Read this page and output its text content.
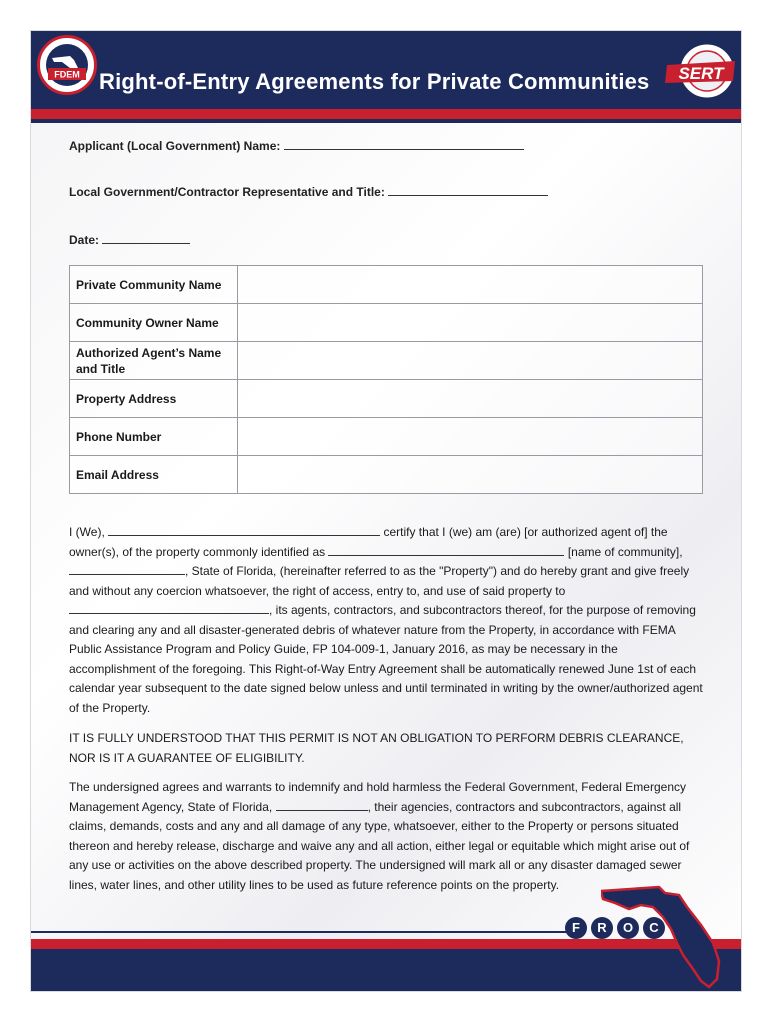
FDEM Right-of-Entry Agreements for Private Communities SERT
Applicant (Local Government) Name:
Local Government/Contractor Representative and Title:
Date:
Private Community Name	
Community Owner Name	
Authorized Agent’s Name and Title	
Property Address	
Phone Number	
Email Address	
I (We),	certify that I (we) am (are) [or authorized agent of] the owner(s), of the property commonly identified as	[name of community], , State of Florida, (hereinafter referred to as the "Property") and do hereby grant and give freely and without any coercion whatsoever, the right of access, entry to, and use of said property to , its agents, contractors, and subcontractors thereof, for the purpose of removing and clearing any and all disaster-generated debris of whatever nature from the Property, in accordance with FEMA Public Assistance Program and Policy Guide, FP 104-009-1, January 2016, as may be necessary in the accomplishment of the foregoing. This Right-of-Way Entry Agreement shall be automatically renewed June 1st of each calendar year subsequent to the date signed below unless and until terminated in writing by the owner/authorized agent of the Property.
IT IS FULLY UNDERSTOOD THAT THIS PERMIT IS NOT AN OBLIGATION TO PERFORM DEBRIS CLEARANCE, NOR IS IT A GUARANTEE OF ELIGIBILITY.
The undersigned agrees and warrants to indemnify and hold harmless the Federal Government, Federal Emergency Management Agency, State of Florida,	, their agencies, contractors and subcontractors, against all claims, demands, costs and any and all damage of any type, whatsoever, either to the Property or persons situated thereon and hereby release, discharge and waive any and all action, either legal or equitable which might arise out of any use or activities on the above described property. The undersigned will mark all or any disaster damaged sewer lines, water lines, and other utility lines to be used as future reference points on the property.
F	R	O	C
